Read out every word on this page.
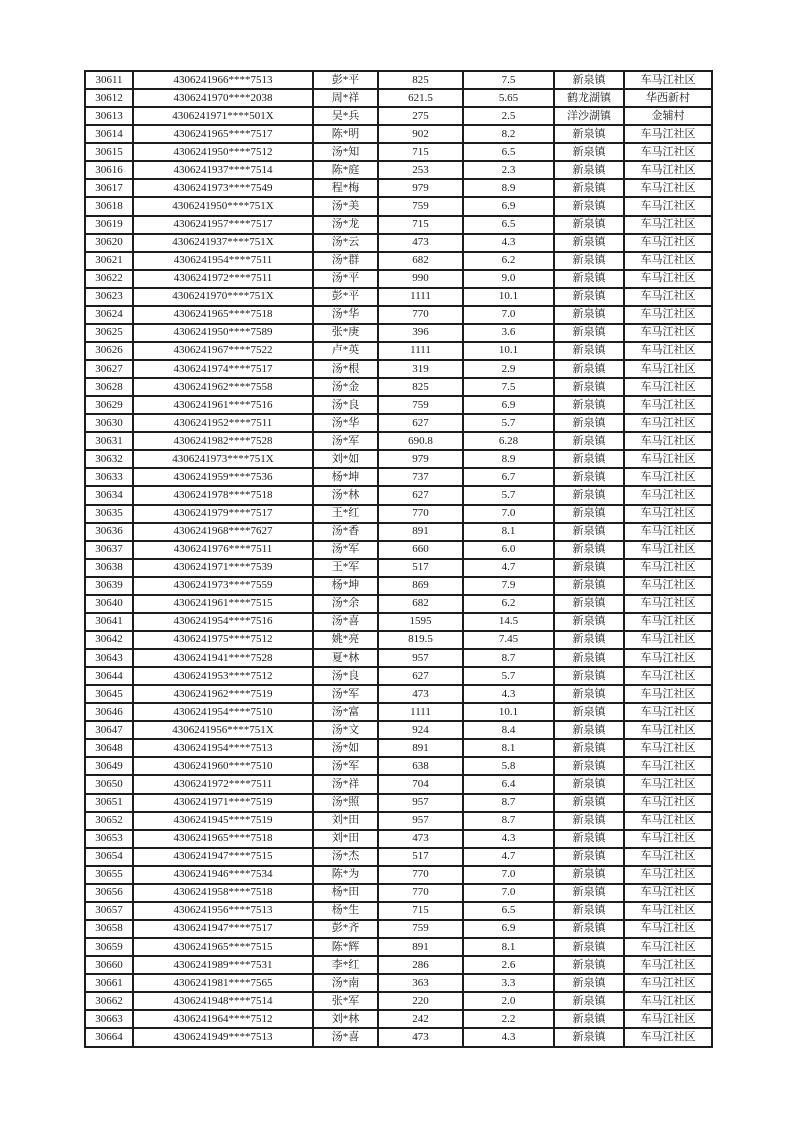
30611	4306241966****7513	彭*平	825	7.5	新泉镇	车马江社区
30612	4306241970****2038	周*祥	621.5	5.65	鹤龙湖镇	华西新村
30613	4306241971****501X	吴*兵	275	2.5	洋沙湖镇	金辅村
30614	4306241965****7517	陈*明	902	8.2	新泉镇	车马江社区
30615	4306241950****7512	汤*知	715	6.5	新泉镇	车马江社区
30616	4306241937****7514	陈*庭	253	2.3	新泉镇	车马江社区
30617	4306241973****7549	程*梅	979	8.9	新泉镇	车马江社区
30618	4306241950****751X	汤*美	759	6.9	新泉镇	车马江社区
30619	4306241957****7517	汤*龙	715	6.5	新泉镇	车马江社区
30620	4306241937****751X	汤*云	473	4.3	新泉镇	车马江社区
30621	4306241954****7511	汤*群	682	6.2	新泉镇	车马江社区
30622	4306241972****7511	汤*平	990	9.0	新泉镇	车马江社区
30623	4306241970****751X	彭*平	1111	10.1	新泉镇	车马江社区
30624	4306241965****7518	汤*华	770	7.0	新泉镇	车马江社区
30625	4306241950****7589	张*庚	396	3.6	新泉镇	车马江社区
30626	4306241967****7522	卢*英	1111	10.1	新泉镇	车马江社区
30627	4306241974****7517	汤*根	319	2.9	新泉镇	车马江社区
30628	4306241962****7558	汤*金	825	7.5	新泉镇	车马江社区
30629	4306241961****7516	汤*良	759	6.9	新泉镇	车马江社区
30630	4306241952****7511	汤*华	627	5.7	新泉镇	车马江社区
30631	4306241982****7528	汤*军	690.8	6.28	新泉镇	车马江社区
30632	4306241973****751X	刘*如	979	8.9	新泉镇	车马江社区
30633	4306241959****7536	杨*坤	737	6.7	新泉镇	车马江社区
30634	4306241978****7518	汤*林	627	5.7	新泉镇	车马江社区
30635	4306241979****7517	王*红	770	7.0	新泉镇	车马江社区
30636	4306241968****7627	汤*香	891	8.1	新泉镇	车马江社区
30637	4306241976****7511	汤*军	660	6.0	新泉镇	车马江社区
30638	4306241971****7539	王*军	517	4.7	新泉镇	车马江社区
30639	4306241973****7559	杨*坤	869	7.9	新泉镇	车马江社区
30640	4306241961****7515	汤*余	682	6.2	新泉镇	车马江社区
30641	4306241954****7516	汤*喜	1595	14.5	新泉镇	车马江社区
30642	4306241975****7512	姚*亮	819.5	7.45	新泉镇	车马江社区
30643	4306241941****7528	夏*林	957	8.7	新泉镇	车马江社区
30644	4306241953****7512	汤*良	627	5.7	新泉镇	车马江社区
30645	4306241962****7519	汤*军	473	4.3	新泉镇	车马江社区
30646	4306241954****7510	汤*富	1111	10.1	新泉镇	车马江社区
30647	4306241956****751X	汤*文	924	8.4	新泉镇	车马江社区
30648	4306241954****7513	汤*如	891	8.1	新泉镇	车马江社区
30649	4306241960****7510	汤*军	638	5.8	新泉镇	车马江社区
30650	4306241972****7511	汤*祥	704	6.4	新泉镇	车马江社区
30651	4306241971****7519	汤*照	957	8.7	新泉镇	车马江社区
30652	4306241945****7519	刘*田	957	8.7	新泉镇	车马江社区
30653	4306241965****7518	刘*田	473	4.3	新泉镇	车马江社区
30654	4306241947****7515	汤*杰	517	4.7	新泉镇	车马江社区
30655	4306241946****7534	陈*为	770	7.0	新泉镇	车马江社区
30656	4306241958****7518	杨*田	770	7.0	新泉镇	车马江社区
30657	4306241956****7513	杨*生	715	6.5	新泉镇	车马江社区
30658	4306241947****7517	彭*齐	759	6.9	新泉镇	车马江社区
30659	4306241965****7515	陈*辉	891	8.1	新泉镇	车马江社区
30660	4306241989****7531	李*红	286	2.6	新泉镇	车马江社区
30661	4306241981****7565	汤*南	363	3.3	新泉镇	车马江社区
30662	4306241948****7514	张*军	220	2.0	新泉镇	车马江社区
30663	4306241964****7512	刘*林	242	2.2	新泉镇	车马江社区
30664	4306241949****7513	汤*喜	473	4.3	新泉镇	车马江社区
